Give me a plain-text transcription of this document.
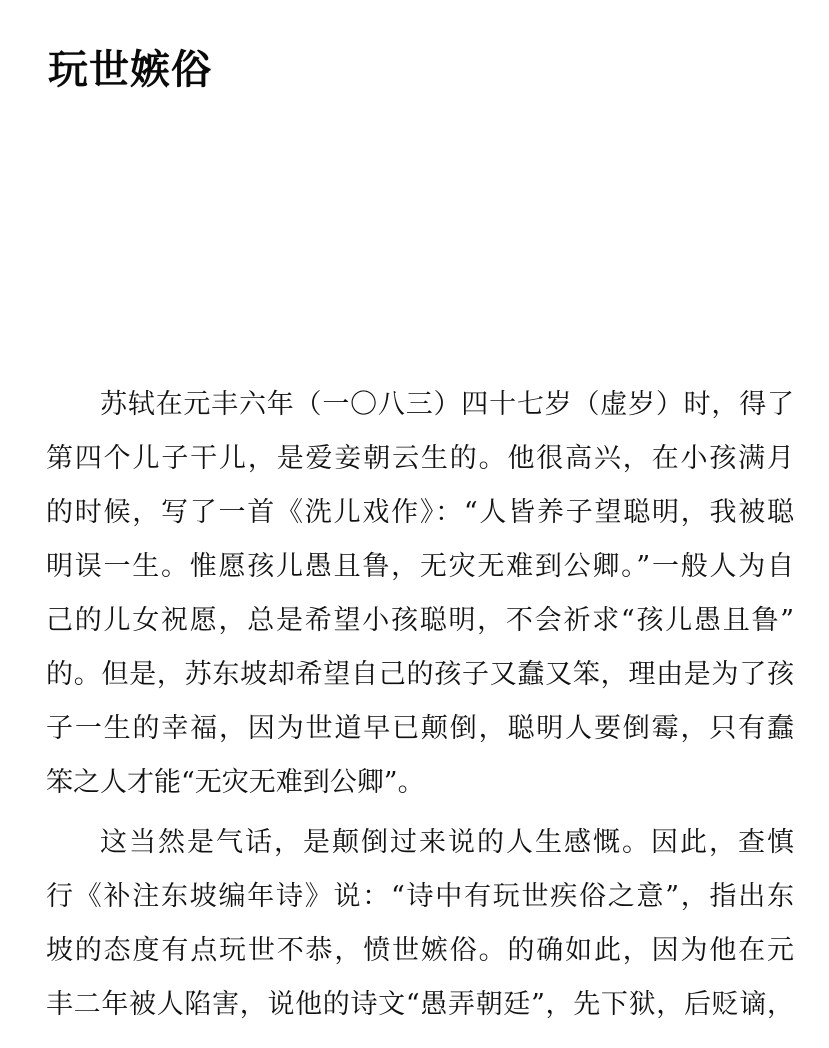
玩世嫉俗
苏轼在元丰六年（一〇八三）四十七岁（虚岁）时，得了
第四个儿子干儿，是爱妾朝云生的。他很高兴，在小孩满月
的时候，写了一首《洗儿戏作》：“人皆养子望聪明，我被聪
明误一生。惟愿孩儿愚且鲁，无灾无难到公卿。”一般人为自
己的儿女祝愿，总是希望小孩聪明，不会祈求“孩儿愚且鲁”
的。但是，苏东坡却希望自己的孩子又蠢又笨，理由是为了孩
子一生的幸福，因为世道早已颠倒，聪明人要倒霉，只有蠢
笨之人才能“无灾无难到公卿”。
这当然是气话，是颠倒过来说的人生感慨。因此，查慎
行《补注东坡编年诗》说：“诗中有玩世疾俗之意”，指出东
坡的态度有点玩世不恭，愤世嫉俗。的确如此，因为他在元
丰二年被人陷害，说他的诗文“愚弄朝廷”，先下狱，后贬谪，
